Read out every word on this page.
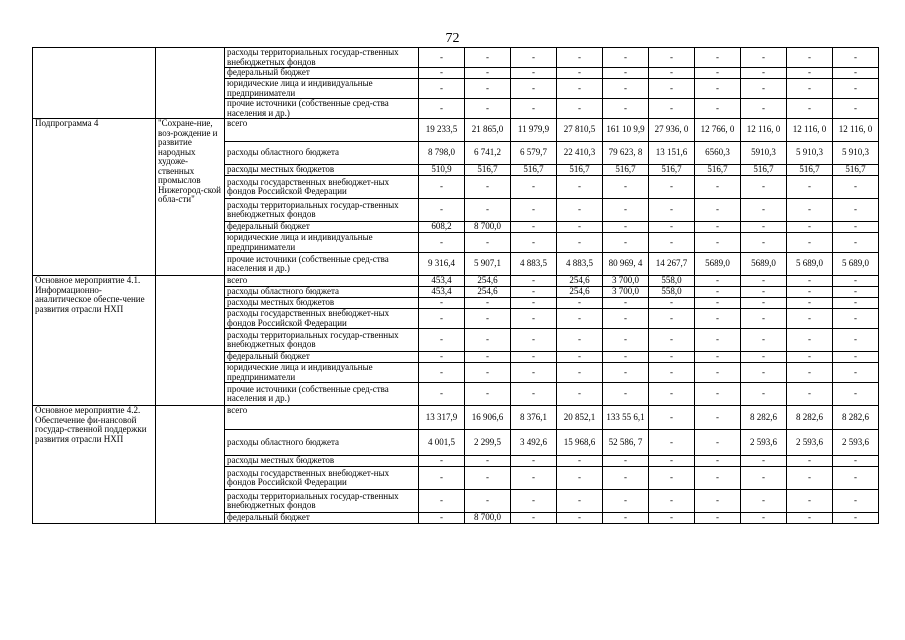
72
		расходы территориальных государ-ственных внебюджетных фондов	-	-	-	-	-	-	-	-	-	-
		федеральный бюджет	-	-	-	-	-	-	-	-	-	-
		юридические лица и индивидуальные предприниматели	-	-	-	-	-	-	-	-	-	-
		прочие источники (собственные сред-ства населения и др.)	-	-	-	-	-	-	-	-	-	-
Подпрограмма 4	"Сохране-ние, воз-рождение и развитие народных художе-ственных промыслов Нижегород-ской обла-сти"	всего	19 233,5	21 865,0	11 979,9	27 810,5	161 10 9,9	27 936, 0	12 766, 0	12 116, 0	12 116, 0	12 116, 0
		расходы областного бюджета	8 798,0	6 741,2	6 579,7	22 410,3	79 623, 8	13 151,6	6560,3	5910,3	5 910,3	5 910,3
		расходы местных бюджетов	510,9	516,7	516,7	516,7	516,7	516,7	516,7	516,7	516,7	516,7
		расходы государственных внебюджет-ных фондов Российской Федерации	-	-	-	-	-	-	-	-	-	-
		расходы территориальных государ-ственных внебюджетных фондов	-	-	-	-	-	-	-	-	-	-
		федеральный бюджет	608,2	8 700,0	-	-	-	-	-	-	-	-
		юридические лица и индивидуальные предприниматели	-	-	-	-	-	-	-	-	-	-
		прочие источники (собственные сред-ства населения и др.)	9 316,4	5 907,1	4 883,5	4 883,5	80 969, 4	14 267,7	5689,0	5689,0	5 689,0	5 689,0
Основное мероприятие 4.1. Информационно-аналитическое обеспе-чение развития отрасли НХП		всего	453,4	254,6	-	254,6	3 700,0	558,0	-	-	-	-
		расходы областного бюджета	453,4	254,6	-	254,6	3 700,0	558,0	-	-	-	-
		расходы местных бюджетов	-	-	-	-	-	-	-	-	-	-
		расходы государственных внебюджет-ных фондов Российской Федерации	-	-	-	-	-	-	-	-	-	-
		расходы территориальных государ-ственных внебюджетных фондов	-	-	-	-	-	-	-	-	-	-
		федеральный бюджет	-	-	-	-	-	-	-	-	-	-
		юридические лица и индивидуальные предприниматели	-	-	-	-	-	-	-	-	-	-
		прочие источники (собственные сред-ства населения и др.)	-	-	-	-	-	-	-	-	-	-
Основное мероприятие 4.2. Обеспечение фи-нансовой государ-ственной поддержки развития отрасли НХП		всего	13 317,9	16 906,6	8 376,1	20 852,1	133 55 6,1	-	-	8 282,6	8 282,6	8 282,6
		расходы областного бюджета	4 001,5	2 299,5	3 492,6	15 968,6	52 586, 7	-	-	2 593,6	2 593,6	2 593,6
		расходы местных бюджетов	-	-	-	-	-	-	-	-	-	-
		расходы государственных внебюджет-ных фондов Российской Федерации	-	-	-	-	-	-	-	-	-	-
		расходы территориальных государ-ственных внебюджетных фондов	-	-	-	-	-	-	-	-	-	-
		федеральный бюджет	-	8 700,0	-	-	-	-	-	-	-	-
